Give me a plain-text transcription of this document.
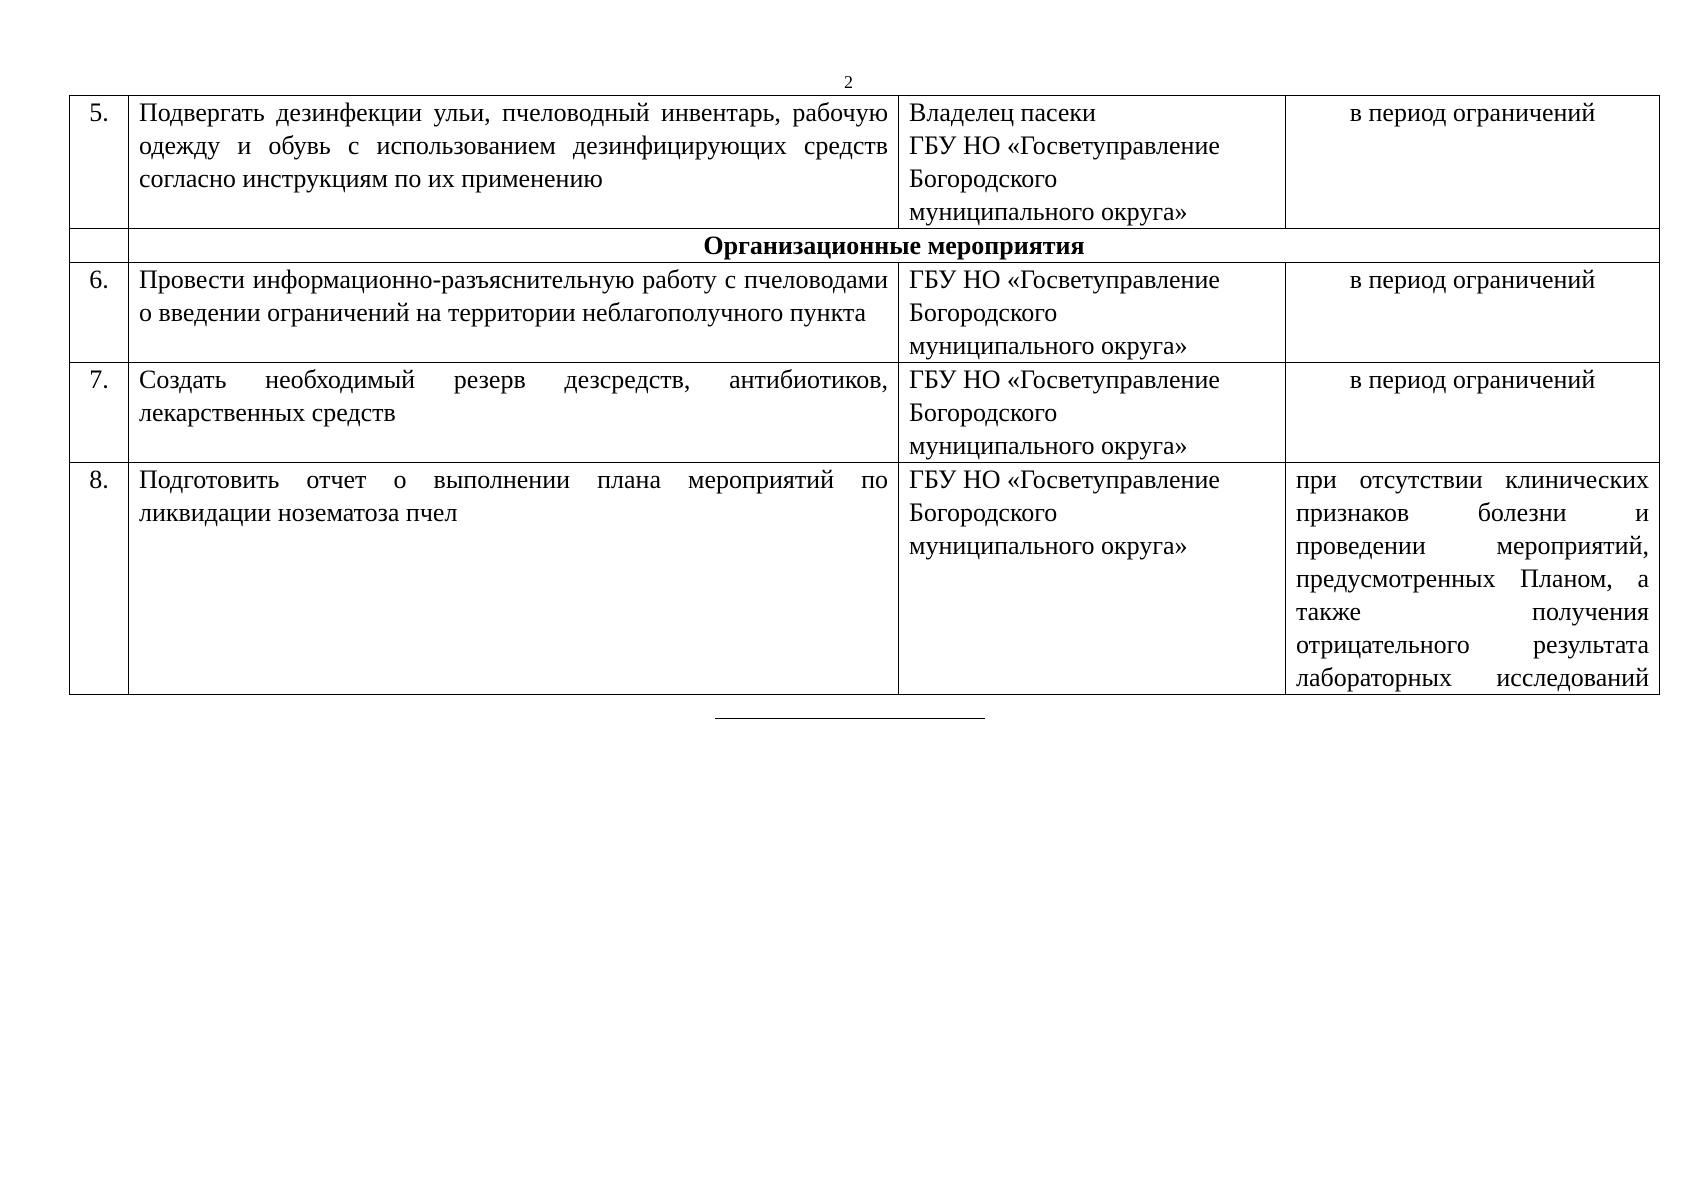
2
5.	Подвергать дезинфекции ульи, пчеловодный инвентарь, рабочую одежду и обувь с использованием дезинфицирующих средств согласно инструкциям по их применению	Владелец пасеки
ГБУ НО «Госветуправление
Богородского
муниципального округа»	в период ограничений
	Организационные мероприятия		
6.	Провести информационно-разъяснительную работу с пчеловодами о введении ограничений на территории неблагополучного пункта	ГБУ НО «Госветуправление
Богородского
муниципального округа»	в период ограничений
7.	Создать необходимый резерв дезсредств, антибиотиков, лекарственных средств	ГБУ НО «Госветуправление
Богородского
муниципального округа»	в период ограничений
8.	Подготовить отчет о выполнении плана мероприятий по ликвидации нозематоза пчел	ГБУ НО «Госветуправление
Богородского
муниципального округа»	при отсутствии клинических признаков болезни и проведении мероприятий, предусмотренных Планом, а также получения отрицательного результата лабораторных исследований
